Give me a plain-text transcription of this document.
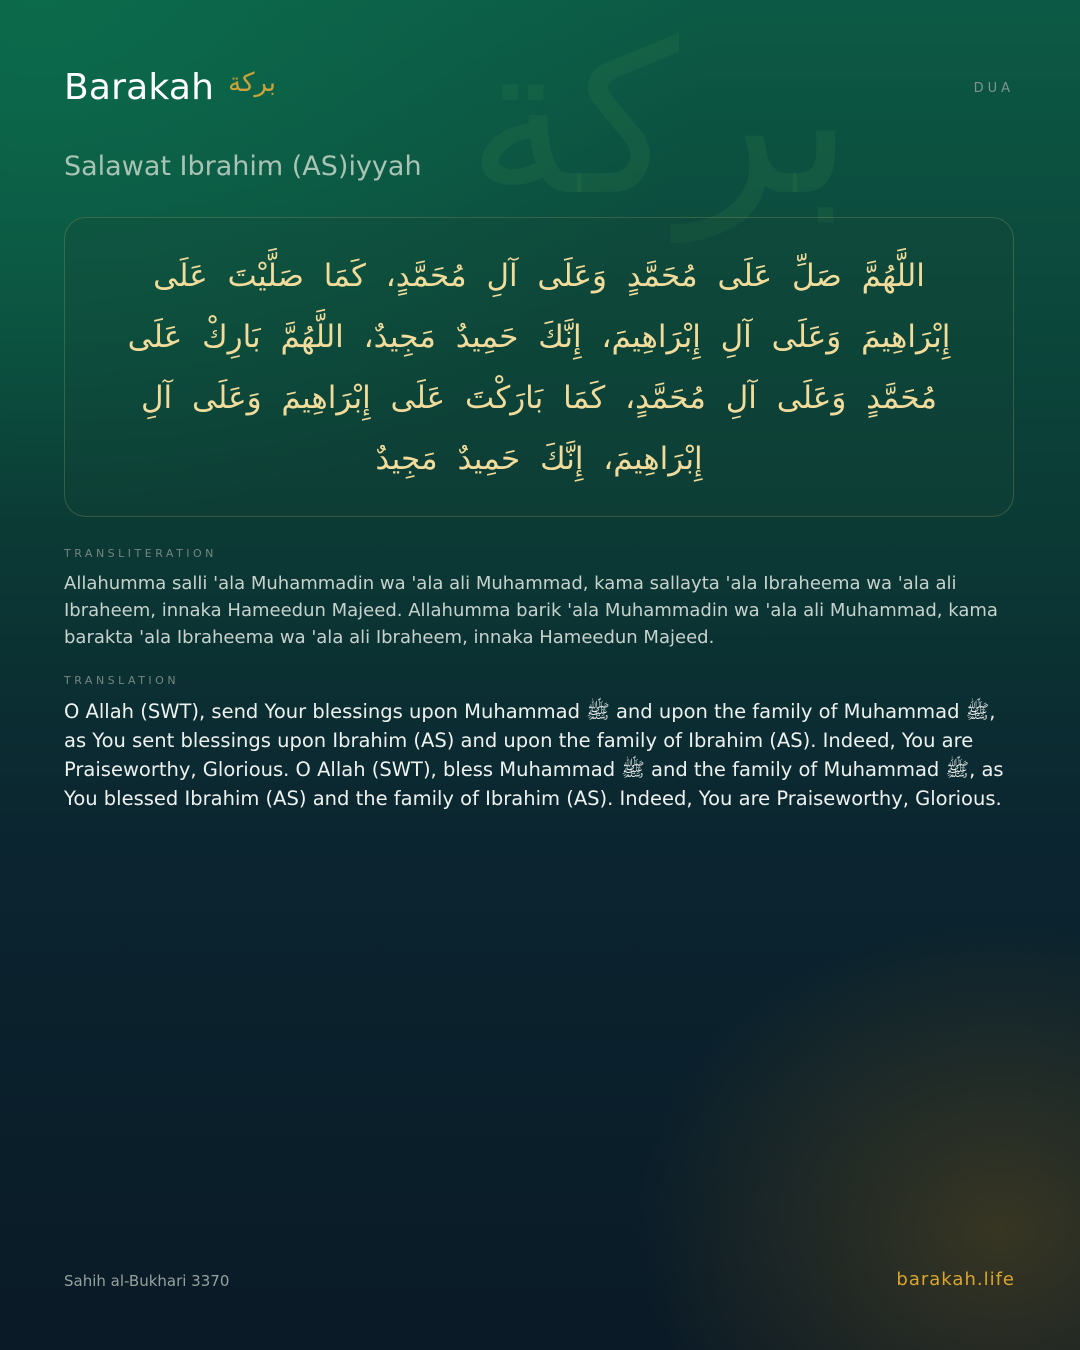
بركة
Barakah بركة	DUA
Salawat Ibrahim (AS)iyyah
اللَّهُمَّ صَلِّ عَلَى مُحَمَّدٍ وَعَلَى آلِ مُحَمَّدٍ، كَمَا صَلَّيْتَ عَلَى إِبْرَاهِيمَ وَعَلَى آلِ إِبْرَاهِيمَ، إِنَّكَ حَمِيدٌ مَجِيدٌ، اللَّهُمَّ بَارِكْ عَلَى مُحَمَّدٍ وَعَلَى آلِ مُحَمَّدٍ، كَمَا بَارَكْتَ عَلَى إِبْرَاهِيمَ وَعَلَى آلِ إِبْرَاهِيمَ، إِنَّكَ حَمِيدٌ مَجِيدٌ
TRANSLITERATION
Allahumma salli 'ala Muhammadin wa 'ala ali Muhammad, kama sallayta 'ala Ibraheema wa 'ala ali Ibraheem, innaka Hameedun Majeed. Allahumma barik 'ala Muhammadin wa 'ala ali Muhammad, kama barakta 'ala Ibraheema wa 'ala ali Ibraheem, innaka Hameedun Majeed.
TRANSLATION
O Allah (SWT), send Your blessings upon Muhammad ﷺ and upon the family of Muhammad ﷺ, as You sent blessings upon Ibrahim (AS) and upon the family of Ibrahim (AS). Indeed, You are Praiseworthy, Glorious. O Allah (SWT), bless Muhammad ﷺ and the family of Muhammad ﷺ, as You blessed Ibrahim (AS) and the family of Ibrahim (AS). Indeed, You are Praiseworthy, Glorious.
Sahih al-Bukhari 3370	barakah.life
